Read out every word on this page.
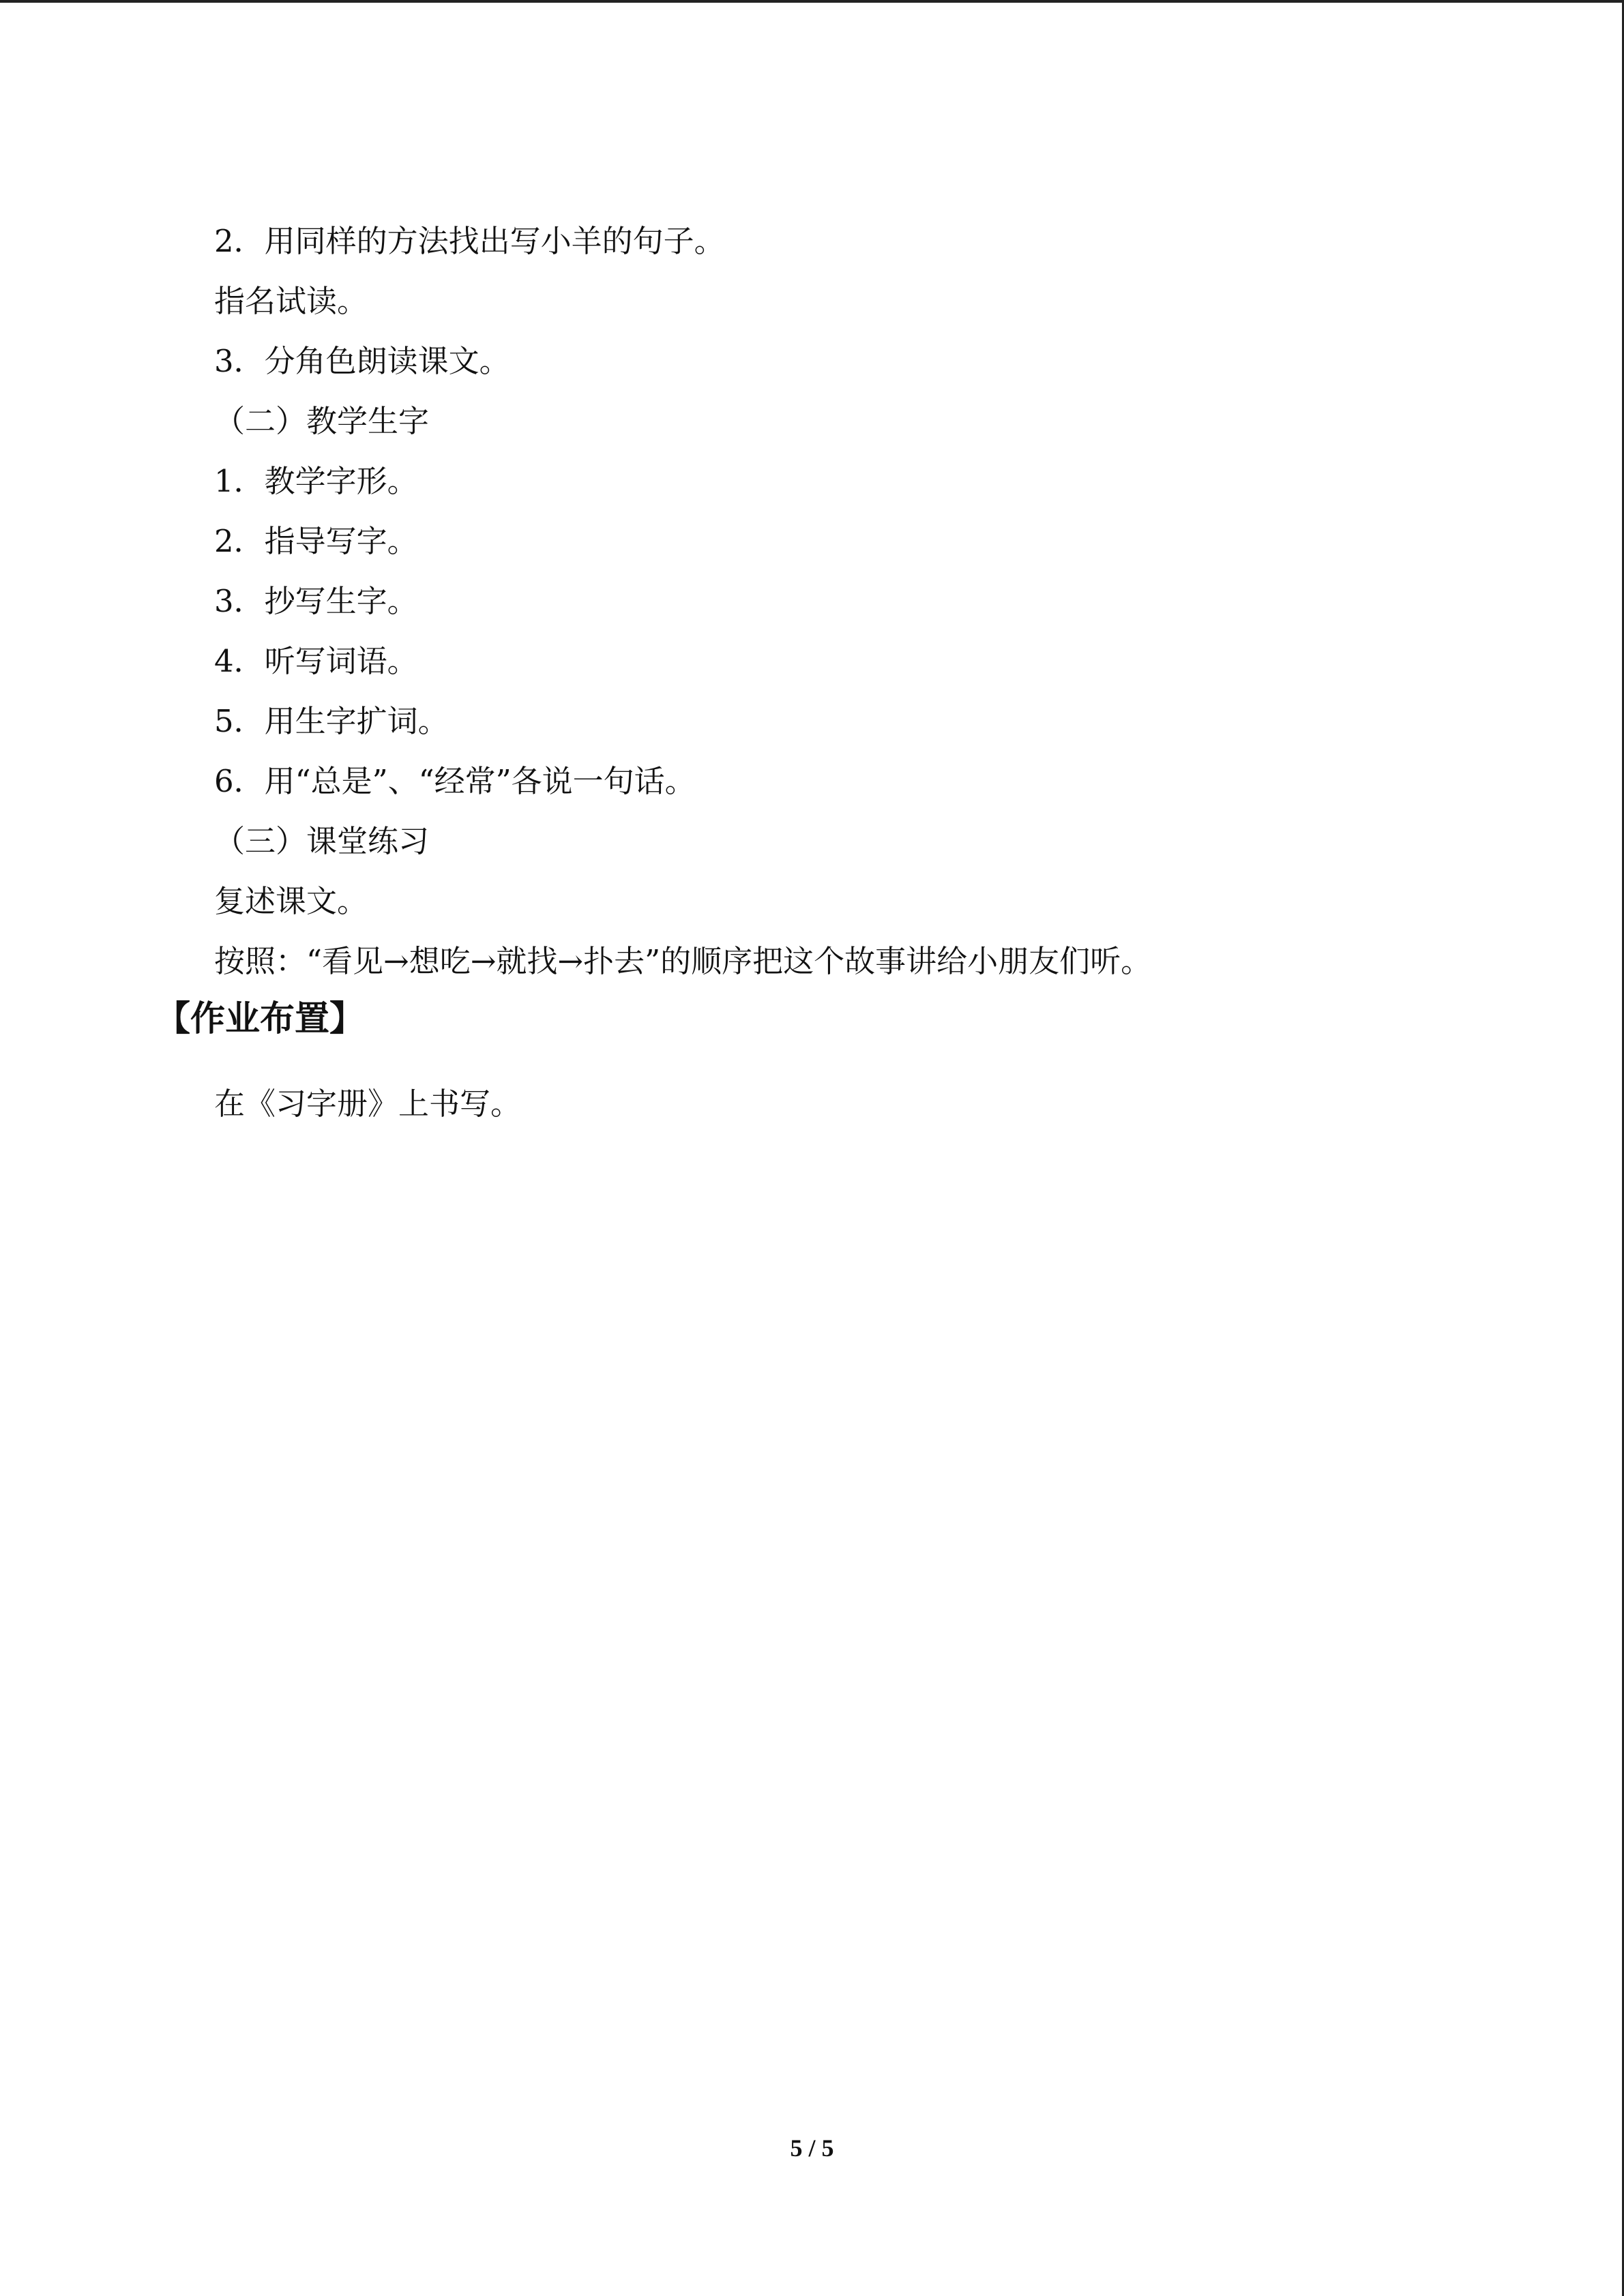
2．用同样的方法找出写小羊的句子。
指名试读。
3．分角色朗读课文。
（二）教学生字
1．教学字形。
2．指导写字。
3．抄写生字。
4．听写词语。
5．用生字扩词。
6．用“总是”、“经常”各说一句话。
（三）课堂练习
复述课文。
按照：“看见→想吃→就找→扑去”的顺序把这个故事讲给小朋友们听。
【作业布置】
在《习字册》上书写。
5 / 5
